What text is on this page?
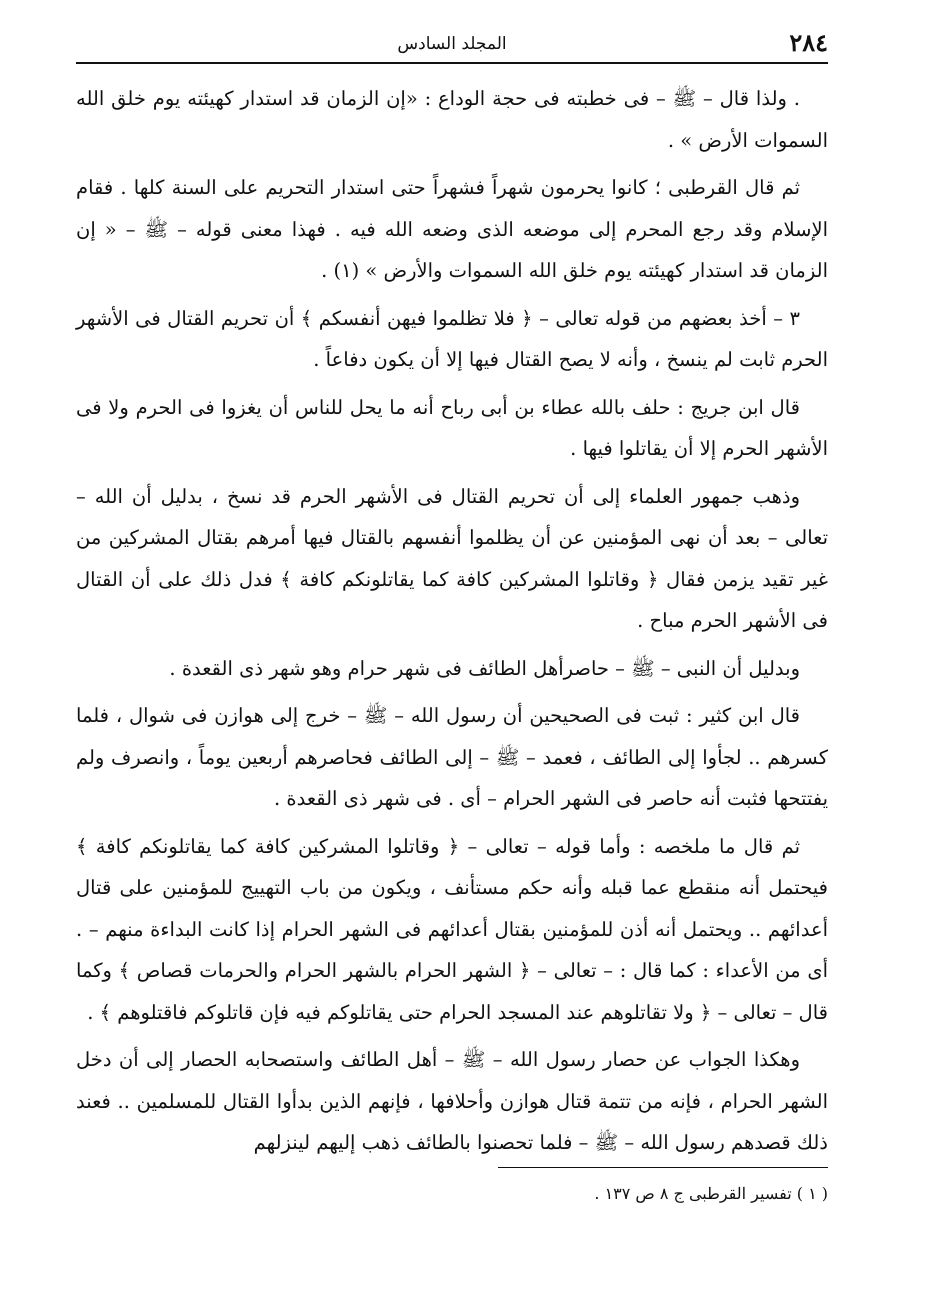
٢٨٤
المجلد السادس

. ولذا قال – ﷺ – فى خطبته فى حجة الوداع : «إن الزمان قد استدار كهيئته يوم خلق الله السموات الأرض » .

ثم قال القرطبى ؛ كانوا يحرمون شهراً فشهراً حتى استدار التحريم على السنة كلها . فقام الإسلام وقد رجع المحرم إلى موضعه الذى وضعه الله فيه . فهذا معنى قوله – ﷺ – « إن الزمان قد استدار كهيئته يوم خلق الله السموات والأرض » (١) .

٣ – أخذ بعضهم من قوله تعالى – ﴿ فلا تظلموا فيهن أنفسكم ﴾ أن تحريم القتال فى الأشهر الحرم ثابت لم ينسخ ، وأنه لا يصح القتال فيها إلا أن يكون دفاعاً .

قال ابن جريج : حلف بالله عطاء بن أبى رباح أنه ما يحل للناس أن يغزوا فى الحرم ولا فى الأشهر الحرم إلا أن يقاتلوا فيها .

وذهب جمهور العلماء إلى أن تحريم القتال فى الأشهر الحرم قد نسخ ، بدليل أن الله – تعالى – بعد أن نهى المؤمنين عن أن يظلموا أنفسهم بالقتال فيها أمرهم بقتال المشركين من غير تقيد يزمن فقال ﴿ وقاتلوا المشركين كافة كما يقاتلونكم كافة ﴾ فدل ذلك على أن القتال فى الأشهر الحرم مباح .

وبدليل أن النبى – ﷺ – حاصرأهل الطائف فى شهر حرام وهو شهر ذى القعدة .

قال ابن كثير : ثبت فى الصحيحين أن رسول الله – ﷺ – خرج إلى هوازن فى شوال ، فلما كسرهم .. لجأوا إلى الطائف ، فعمد – ﷺ – إلى الطائف فحاصرهم أربعين يوماً ، وانصرف ولم يفتتحها فثبت أنه حاصر فى الشهر الحرام – أى . فى شهر ذى القعدة .

ثم قال ما ملخصه : وأما قوله – تعالى – ﴿ وقاتلوا المشركين كافة كما يقاتلونكم كافة ﴾ فيحتمل أنه منقطع عما قبله وأنه حكم مستأنف ، ويكون من باب التهييج للمؤمنين على قتال أعدائهم .. ويحتمل أنه أذن للمؤمنين بقتال أعدائهم فى الشهر الحرام إذا كانت البداءة منهم – . أى من الأعداء : كما قال : – تعالى – ﴿ الشهر الحرام بالشهر الحرام والحرمات قصاص ﴾ وكما قال – تعالى – ﴿ ولا تقاتلوهم عند المسجد الحرام حتى يقاتلوكم فيه فإن قاتلوكم فاقتلوهم ﴾ .

وهكذا الجواب عن حصار رسول الله – ﷺ – أهل الطائف واستصحابه الحصار إلى أن دخل الشهر الحرام ، فإنه من تتمة قتال هوازن وأحلافها ، فإنهم الذين بدأوا القتال للمسلمين .. فعند ذلك قصدهم رسول الله – ﷺ – فلما تحصنوا بالطائف ذهب إليهم لينزلهم

( ١ ) تفسير القرطبى ج ٨ ص ١٣٧ .
